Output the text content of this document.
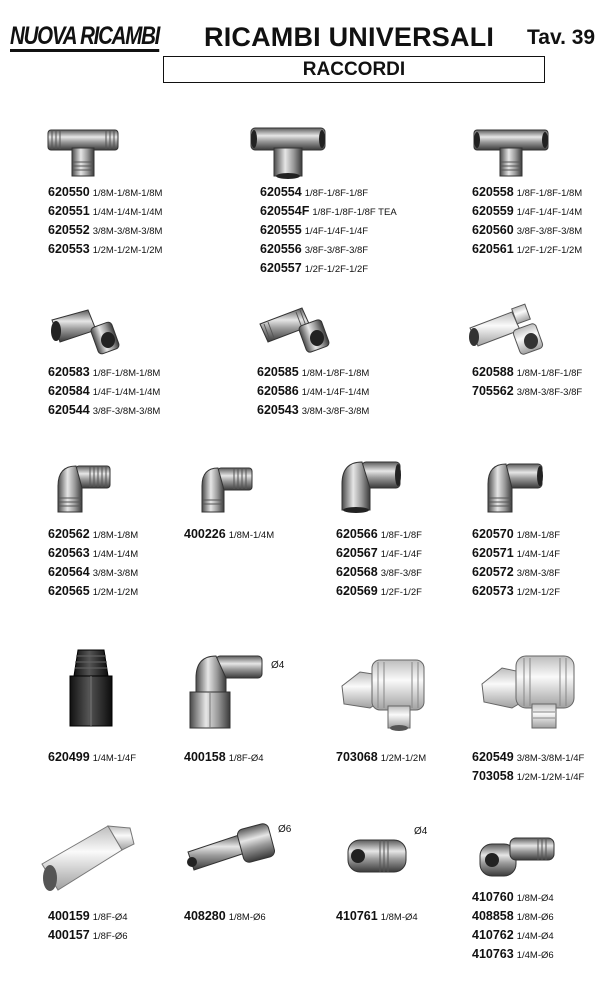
NUOVA RICAMBI RICAMBI UNIVERSALI Tav. 39
RACCORDI
Ø4
Ø6	Ø4
620550 1/8M-1/8M-1/8M
620551 1/4M-1/4M-1/4M
620552 3/8M-3/8M-3/8M
620553 1/2M-1/2M-1/2M
620554 1/8F-1/8F-1/8F
620554F 1/8F-1/8F-1/8F TEA
620555 1/4F-1/4F-1/4F
620556 3/8F-3/8F-3/8F
620557 1/2F-1/2F-1/2F
620558 1/8F-1/8F-1/8M
620559 1/4F-1/4F-1/4M
620560 3/8F-3/8F-3/8M
620561 1/2F-1/2F-1/2M
620583 1/8F-1/8M-1/8M
620584 1/4F-1/4M-1/4M
620544 3/8F-3/8M-3/8M
620585 1/8M-1/8F-1/8M
620586 1/4M-1/4F-1/4M
620543 3/8M-3/8F-3/8M
620588 1/8M-1/8F-1/8F
705562 3/8M-3/8F-3/8F
620562 1/8M-1/8M
620563 1/4M-1/4M
620564 3/8M-3/8M
620565 1/2M-1/2M
400226 1/8M-1/4M	620566 1/8F-1/8F
620567 1/4F-1/4F
620568 3/8F-3/8F
620569 1/2F-1/2F
620570 1/8M-1/8F
620571 1/4M-1/4F
620572 3/8M-3/8F
620573 1/2M-1/2F
620499 1/4M-1/4F	400158 1/8F-Ø4	703068 1/2M-1/2M	620549 3/8M-3/8M-1/4F
703058 1/2M-1/2M-1/4F
400159 1/8F-Ø4
400157 1/8F-Ø6
408280 1/8M-Ø6	410761 1/8M-Ø4
410760 1/8M-Ø4
408858 1/8M-Ø6
410762 1/4M-Ø4
410763 1/4M-Ø6
